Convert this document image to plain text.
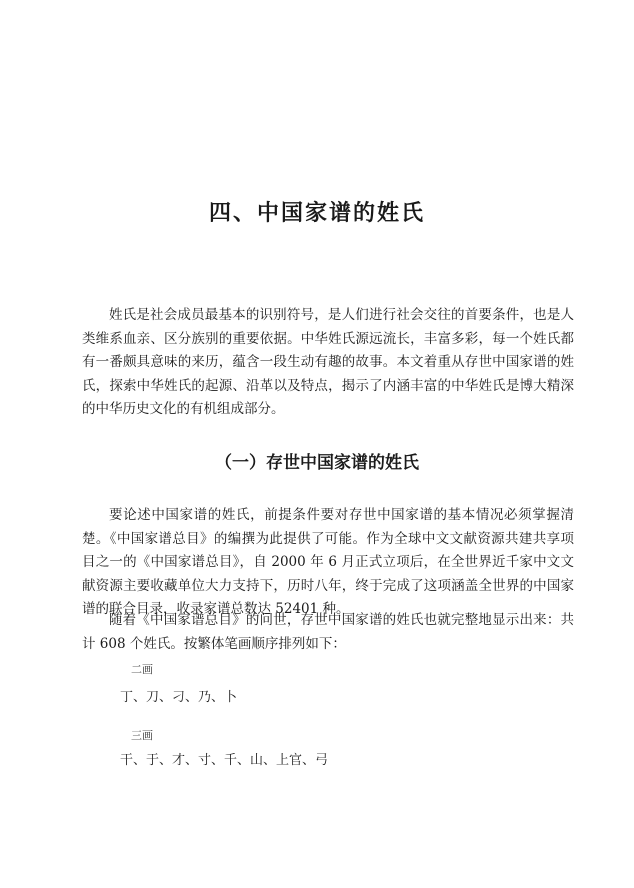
四、中国家谱的姓氏

姓氏是社会成员最基本的识别符号，是人们进行社会交往的首要条件，也是人类维系血亲、区分族别的重要依据。中华姓氏源远流长，丰富多彩，每一个姓氏都有一番颇具意味的来历，蕴含一段生动有趣的故事。本文着重从存世中国家谱的姓氏，探索中华姓氏的起源、沿革以及特点，揭示了内涵丰富的中华姓氏是博大精深的中华历史文化的有机组成部分。

（一）存世中国家谱的姓氏

要论述中国家谱的姓氏，前提条件要对存世中国家谱的基本情况必须掌握清楚。《中国家谱总目》的编撰为此提供了可能。作为全球中文文献资源共建共享项目之一的《中国家谱总目》，自 2000 年 6 月正式立项后，在全世界近千家中文文献资源主要收藏单位大力支持下，历时八年，终于完成了这项涵盖全世界的中国家谱的联合目录，收录家谱总数达 52401 种。

随着《中国家谱总目》的问世，存世中国家谱的姓氏也就完整地显示出来：共计 608 个姓氏。按繁体笔画顺序排列如下：

二画
丁、刀、刁、乃、卜
三画
干、于、才、寸、千、山、上官、弓
